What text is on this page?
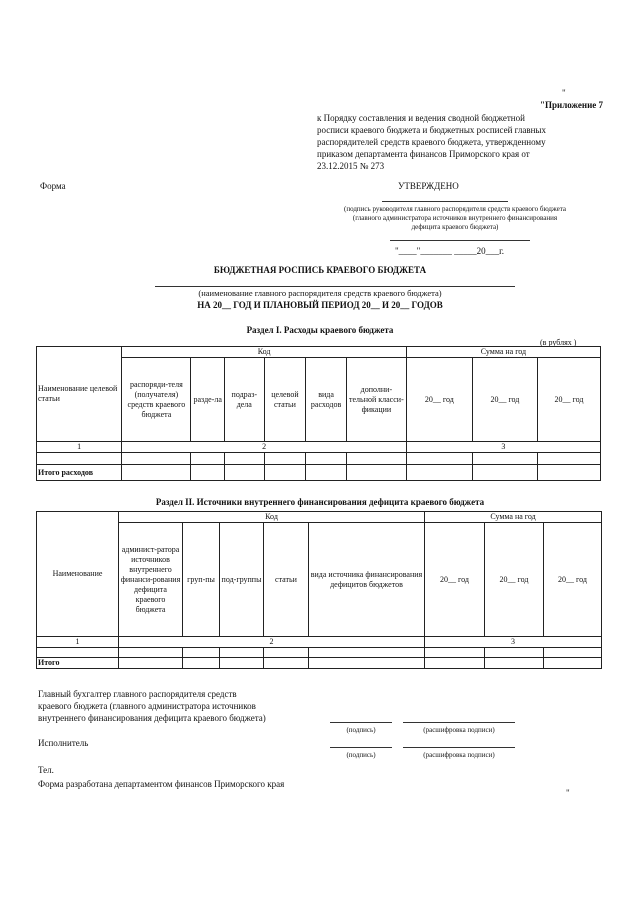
"
"Приложение 7
к Порядку составления и ведения сводной бюджетной
росписи краевого бюджета и бюджетных росписей главных
распорядителей средств краевого бюджета, утвержденному
приказом департамента финансов Приморского края от
23.12.2015 № 273
Форма	УТВЕРЖДЕНО
(подпись руководителя главного распорядителя средств краевого бюджета
(главного администратора источников внутреннего финансирования
дефицита краевого бюджета)
"____"_______ _____20___г.
БЮДЖЕТНАЯ РОСПИСЬ КРАЕВОГО БЮДЖЕТА
(наименование главного распорядителя средств краевого бюджета)
НА 20__ ГОД И ПЛАНОВЫЙ ПЕРИОД 20__ И 20__ ГОДОВ
Раздел I. Расходы краевого бюджета
(в рублях )
Наименование целевой статьи	Код						Сумма на год		
	распоряди-теля (получателя) средств краевого бюджета	разде-ла	подраз-дела	целевой статьи	вида расходов	дополни-тельной класси-фикации	20__ год	20__ год	20__ год
1	2						3		

Итого расходов									
Раздел II. Источники внутреннего финансирования дефицита краевого бюджета
Наименование	Код					Сумма на год		
	админист-ратора источников внутреннего финанси-рования дефицита краевого бюджета	груп-пы	под-группы	статьи	вида источника финансирования дефицитов бюджетов	20__ год	20__ год	20__ год
1	2					3		

Итого								
Главный бухгалтер главного распорядителя средств
краевого бюджета (главного администратора источников
внутреннего финансирования дефицита краевого бюджета)
(подпись)	(расшифровка подписи)
Исполнитель
(подпись)	(расшифровка подписи)
Тел.
Форма разработана департаментом финансов Приморского края
"
